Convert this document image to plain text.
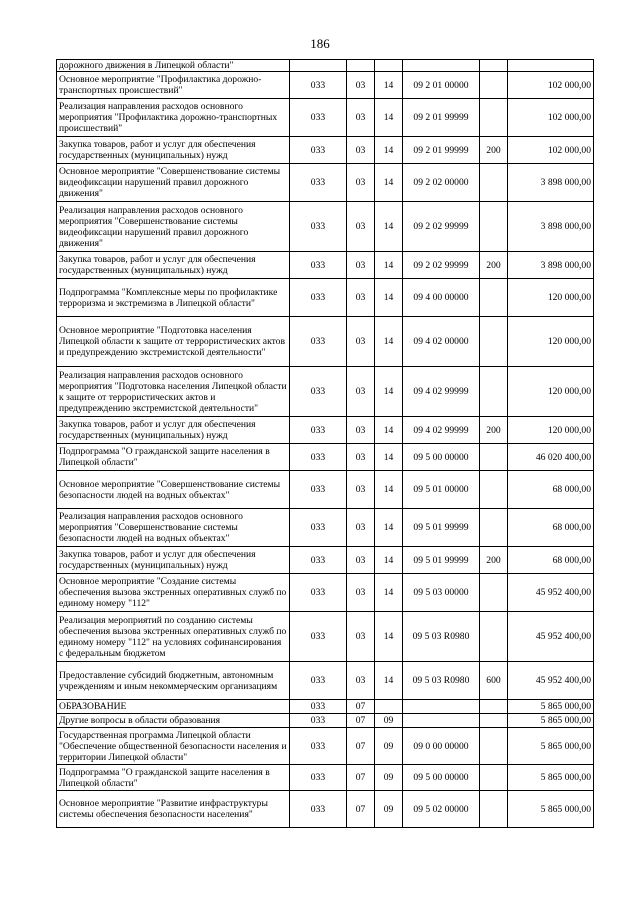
186
дорожного движения в Липецкой области"						
Основное мероприятие "Профилактика дорожно-транспортных происшествий"	033	03	14	09 2 01 00000		102 000,00
Реализация направления расходов основного мероприятия "Профилактика дорожно-транспортных происшествий"	033	03	14	09 2 01 99999		102 000,00
Закупка товаров, работ и услуг для обеспечения государственных (муниципальных) нужд	033	03	14	09 2 01 99999	200	102 000,00
Основное мероприятие "Совершенствование системы видеофиксации нарушений правил дорожного движения"	033	03	14	09 2 02 00000		3 898 000,00
Реализация направления расходов основного мероприятия "Совершенствование системы видеофиксации нарушений правил дорожного движения"	033	03	14	09 2 02 99999		3 898 000,00
Закупка товаров, работ и услуг для обеспечения государственных (муниципальных) нужд	033	03	14	09 2 02 99999	200	3 898 000,00
Подпрограмма "Комплексные меры по профилактике терроризма и экстремизма в Липецкой области"	033	03	14	09 4 00 00000		120 000,00
Основное мероприятие "Подготовка населения Липецкой области к защите от террористических актов и предупреждению экстремистской деятельности"	033	03	14	09 4 02 00000		120 000,00
Реализация направления расходов основного мероприятия "Подготовка населения Липецкой области к защите от террористических актов и предупреждению экстремистской деятельности"	033	03	14	09 4 02 99999		120 000,00
Закупка товаров, работ и услуг для обеспечения государственных (муниципальных) нужд	033	03	14	09 4 02 99999	200	120 000,00
Подпрограмма "О гражданской защите населения в Липецкой области"	033	03	14	09 5 00 00000		46 020 400,00
Основное мероприятие "Совершенствование системы безопасности людей на водных объектах"	033	03	14	09 5 01 00000		68 000,00
Реализация направления расходов основного мероприятия "Совершенствование системы безопасности людей на водных объектах"	033	03	14	09 5 01 99999		68 000,00
Закупка товаров, работ и услуг для обеспечения государственных (муниципальных) нужд	033	03	14	09 5 01 99999	200	68 000,00
Основное мероприятие "Создание системы обеспечения вызова экстренных оперативных служб по единому номеру "112"	033	03	14	09 5 03 00000		45 952 400,00
Реализация мероприятий по созданию системы обеспечения вызова экстренных оперативных служб по единому номеру "112" на условиях софинансирования с федеральным бюджетом	033	03	14	09 5 03 R0980		45 952 400,00
Предоставление субсидий бюджетным, автономным учреждениям и иным некоммерческим организациям	033	03	14	09 5 03 R0980	600	45 952 400,00
ОБРАЗОВАНИЕ	033	07				5 865 000,00
Другие вопросы в области образования	033	07	09			5 865 000,00
Государственная программа Липецкой области "Обеспечение общественной безопасности населения и территории Липецкой области"	033	07	09	09 0 00 00000		5 865 000,00
Подпрограмма "О гражданской защите населения в Липецкой области"	033	07	09	09 5 00 00000		5 865 000,00
Основное мероприятие "Развитие инфраструктуры системы обеспечения безопасности населения"	033	07	09	09 5 02 00000		5 865 000,00
